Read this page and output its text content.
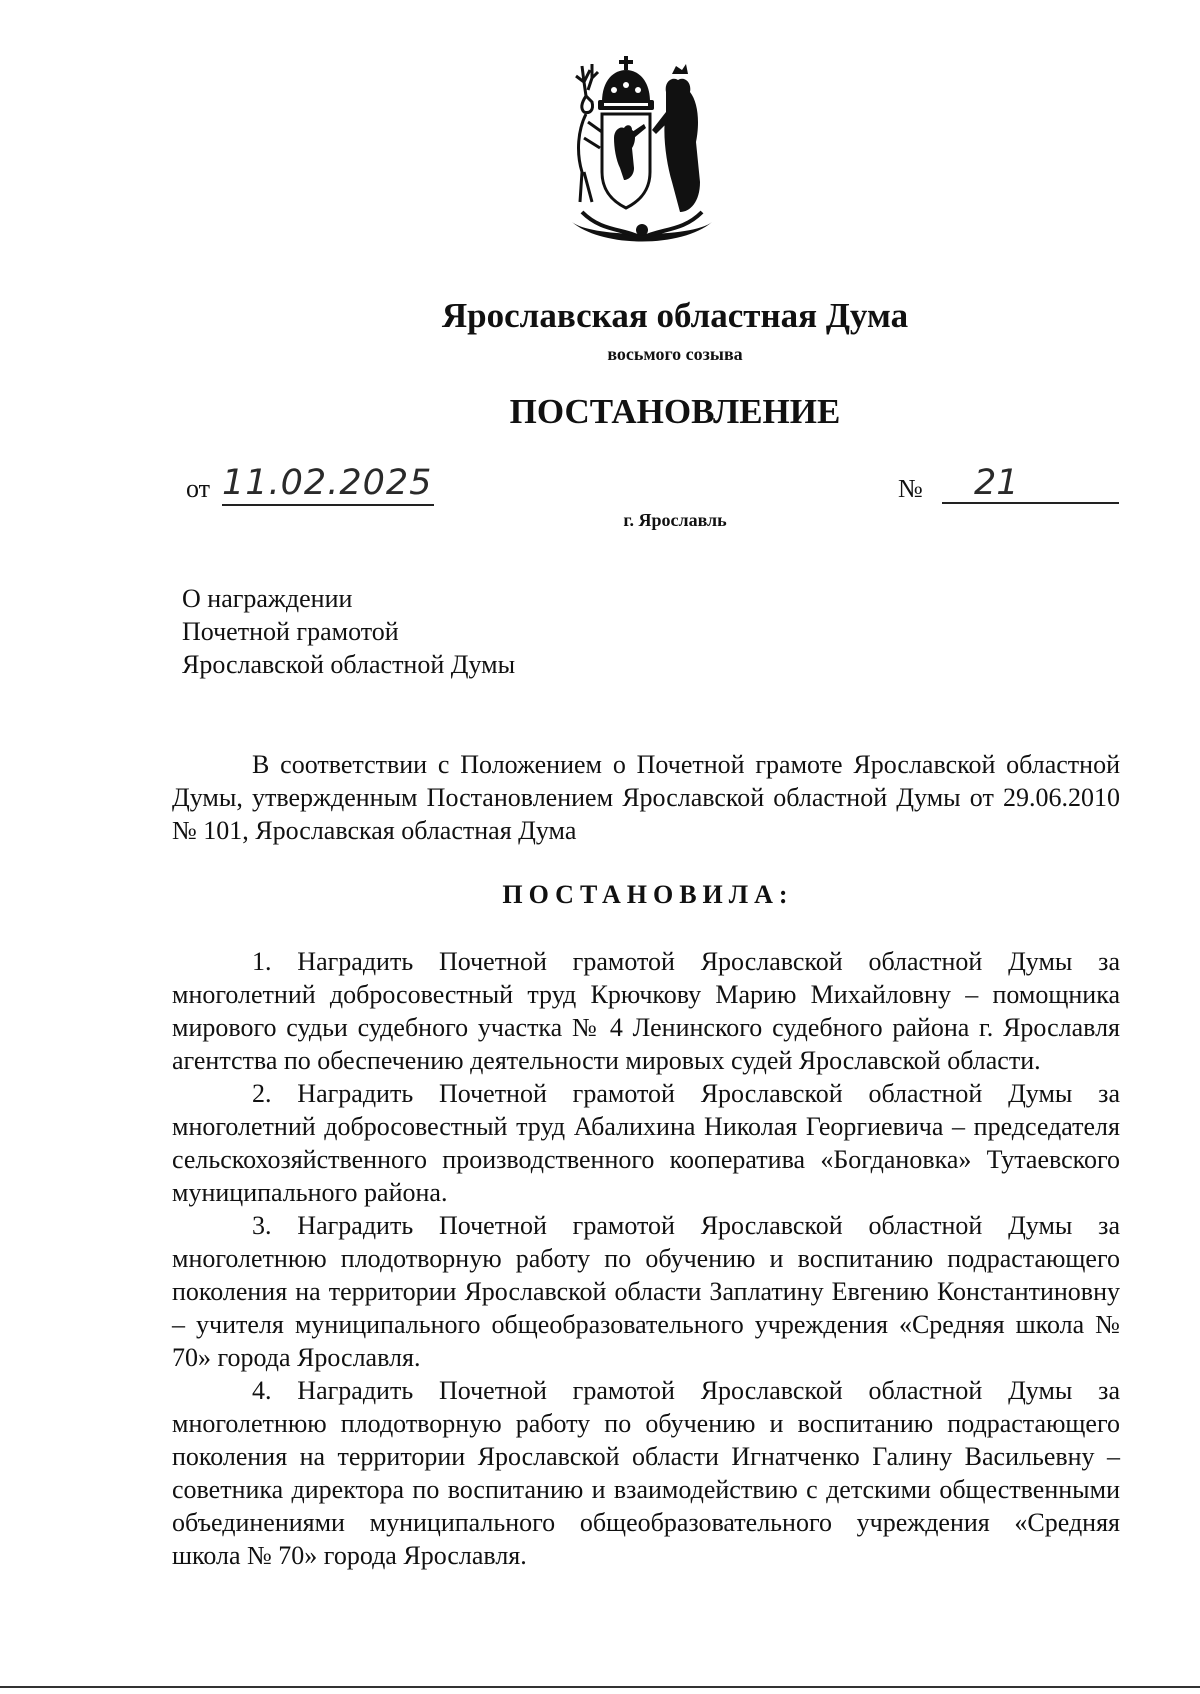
Ярославская областная Дума
восьмого созыва
ПОСТАНОВЛЕНИЕ
от 11.02.2025	№	21
г. Ярославль
О награждении
Почетной грамотой
Ярославской областной Думы
В соответствии с Положением о Почетной грамоте Ярославской областной Думы, утвержденным Постановлением Ярославской областной Думы от 29.06.2010 № 101, Ярославская областная Дума
ПОСТАНОВИЛА:

1. Наградить Почетной грамотой Ярославской областной Думы за многолетний добросовестный труд Крючкову Марию Михайловну – помощника мирового судьи судебного участка № 4 Ленинского судебного района г. Ярославля агентства по обеспечению деятельности мировых судей Ярославской области.

2. Наградить Почетной грамотой Ярославской областной Думы за многолетний добросовестный труд Абалихина Николая Георгиевича – председателя сельскохозяйственного производственного кооператива «Богдановка» Тутаевского муниципального района.

3. Наградить Почетной грамотой Ярославской областной Думы за многолетнюю плодотворную работу по обучению и воспитанию подрастающего поколения на территории Ярославской области Заплатину Евгению Константиновну – учителя муниципального общеобразовательного учреждения «Средняя школа № 70» города Ярославля.

4. Наградить Почетной грамотой Ярославской областной Думы за многолетнюю плодотворную работу по обучению и воспитанию подрастающего поколения на территории Ярославской области Игнатченко Галину Васильевну – советника директора по воспитанию и взаимодействию с детскими общественными объединениями муниципального общеобразовательного учреждения «Средняя школа № 70» города Ярославля.
